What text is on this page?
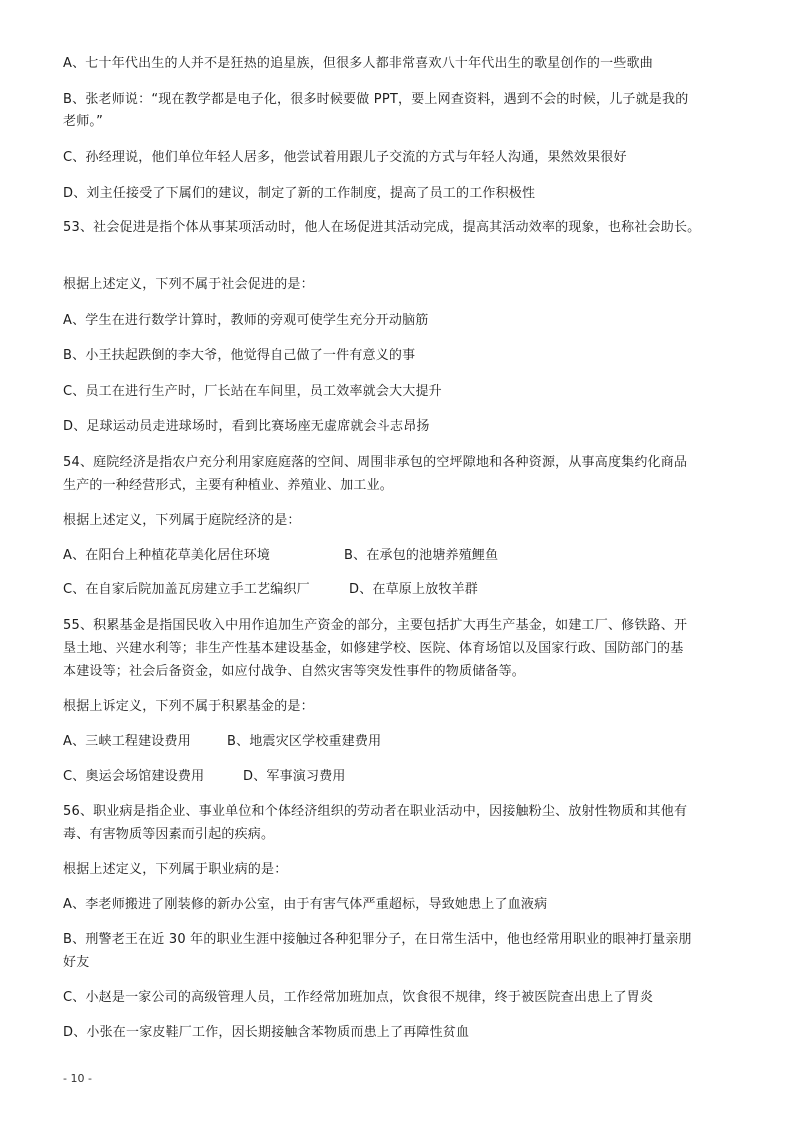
A、七十年代出生的人并不是狂热的追星族，但很多人都非常喜欢八十年代出生的歌星创作的一些歌曲
B、张老师说：“现在教学都是电子化，很多时候要做 PPT，要上网查资料，遇到不会的时候，儿子就是我的
老师。”
C、孙经理说，他们单位年轻人居多，他尝试着用跟儿子交流的方式与年轻人沟通，果然效果很好
D、刘主任接受了下属们的建议，制定了新的工作制度，提高了员工的工作积极性
53、社会促进是指个体从事某项活动时，他人在场促进其活动完成，提高其活动效率的现象，也称社会助长。
根据上述定义，下列不属于社会促进的是：
A、学生在进行数学计算时，教师的旁观可使学生充分开动脑筋
B、小王扶起跌倒的李大爷，他觉得自己做了一件有意义的事
C、员工在进行生产时，厂长站在车间里，员工效率就会大大提升
D、足球运动员走进球场时，看到比赛场座无虚席就会斗志昂扬
54、庭院经济是指农户充分利用家庭庭落的空间、周围非承包的空坪隙地和各种资源，从事高度集约化商品
生产的一种经营形式，主要有种植业、养殖业、加工业。
根据上述定义，下列属于庭院经济的是：
A、在阳台上种植花草美化居住环境	B、在承包的池塘养殖鲤鱼
C、在自家后院加盖瓦房建立手工艺编织厂	D、在草原上放牧羊群
55、积累基金是指国民收入中用作追加生产资金的部分，主要包括扩大再生产基金，如建工厂、修铁路、开
垦土地、兴建水利等；非生产性基本建设基金，如修建学校、医院、体育场馆以及国家行政、国防部门的基
本建设等；社会后备资金，如应付战争、自然灾害等突发性事件的物质储备等。
根据上诉定义，下列不属于积累基金的是：
A、三峡工程建设费用	B、地震灾区学校重建费用
C、奥运会场馆建设费用	D、军事演习费用
56、职业病是指企业、事业单位和个体经济组织的劳动者在职业活动中，因接触粉尘、放射性物质和其他有
毒、有害物质等因素而引起的疾病。
根据上述定义，下列属于职业病的是：
A、李老师搬进了刚装修的新办公室，由于有害气体严重超标，导致她患上了血液病
B、刑警老王在近 30 年的职业生涯中接触过各种犯罪分子，在日常生活中，他也经常用职业的眼神打量亲朋
好友
C、小赵是一家公司的高级管理人员，工作经常加班加点，饮食很不规律，终于被医院查出患上了胃炎
D、小张在一家皮鞋厂工作，因长期接触含苯物质而患上了再障性贫血
- 10 -
